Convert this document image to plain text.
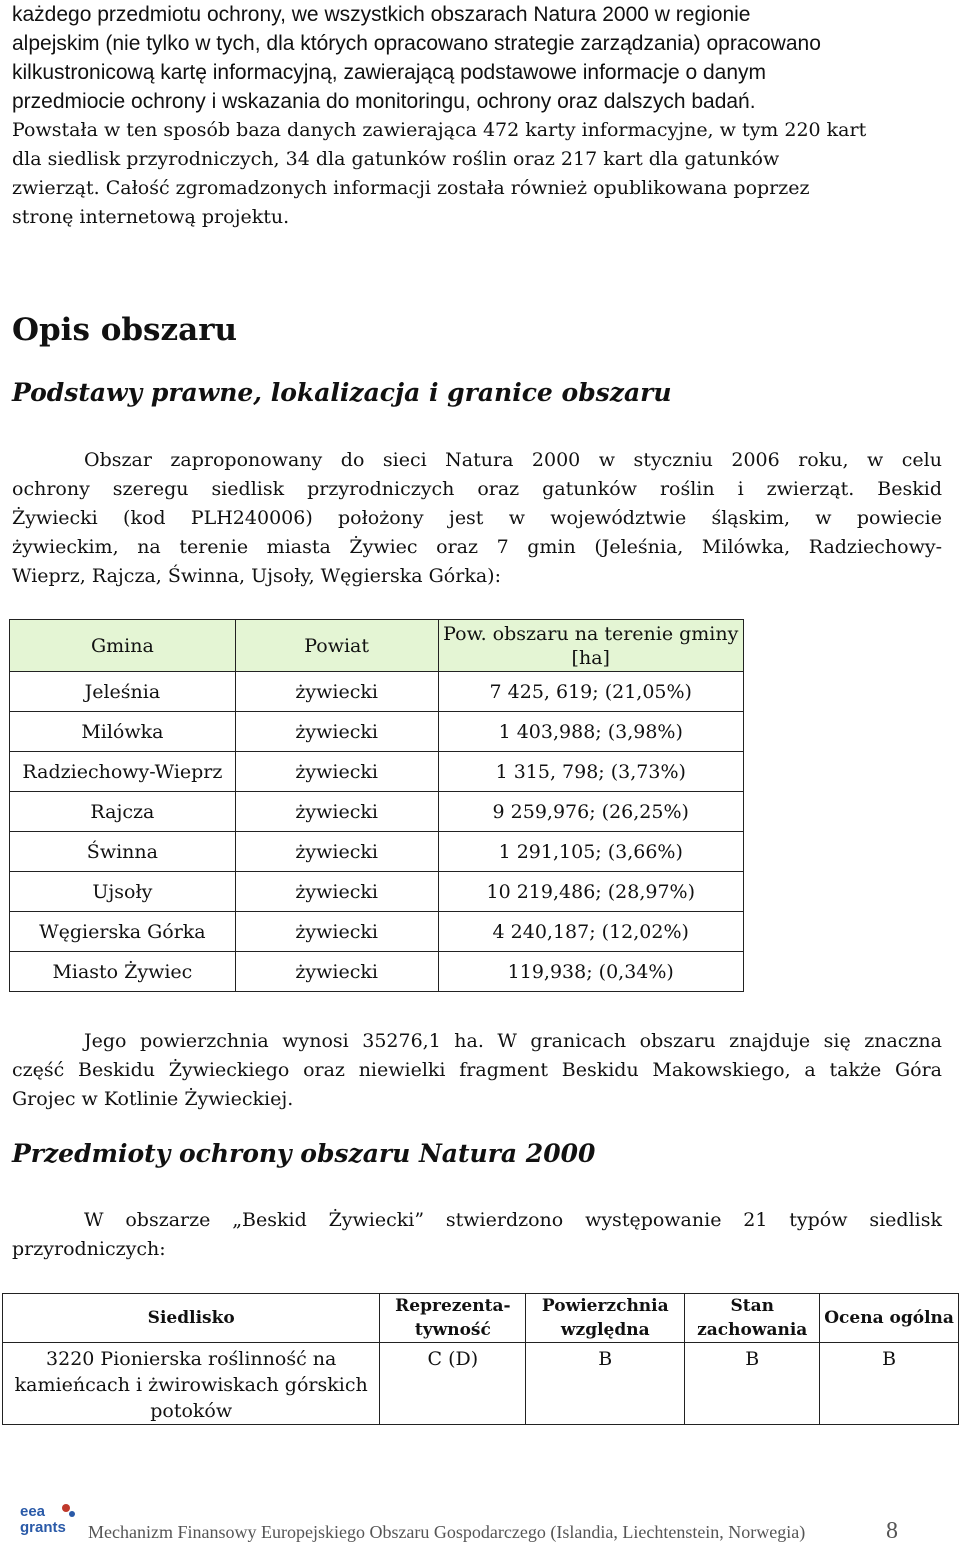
każdego przedmiotu ochrony, we wszystkich obszarach Natura 2000 w regionie
alpejskim (nie tylko w tych, dla których opracowano strategie zarządzania) opracowano
kilkustronicową kartę informacyjną, zawierającą podstawowe informacje o danym
przedmiocie ochrony i wskazania do monitoringu, ochrony oraz dalszych badań.
Powstała w ten sposób baza danych zawierająca 472 karty informacyjne, w tym 220 kart
dla siedlisk przyrodniczych, 34 dla gatunków roślin oraz 217 kart dla gatunków
zwierząt. Całość zgromadzonych informacji została również opublikowana poprzez
stronę internetową projektu.
Opis obszaru
Podstawy prawne, lokalizacja i granice obszaru
Obszar zaproponowany do sieci Natura 2000 w styczniu 2006 roku, w celu
ochrony szeregu siedlisk przyrodniczych oraz gatunków roślin i zwierząt. Beskid
Żywiecki (kod PLH240006) położony jest w województwie śląskim, w powiecie
żywieckim, na terenie miasta Żywiec oraz 7 gmin (Jeleśnia, Milówka, Radziechowy-
Wieprz, Rajcza, Świnna, Ujsoły, Węgierska Górka):
Gmina	Powiat	Pow. obszaru na terenie gminy [ha]
Jeleśnia	żywiecki	7 425, 619; (21,05%)
Milówka	żywiecki	1 403,988; (3,98%)
Radziechowy-Wieprz	żywiecki	1 315, 798; (3,73%)
Rajcza	żywiecki	9 259,976; (26,25%)
Świnna	żywiecki	1 291,105; (3,66%)
Ujsoły	żywiecki	10 219,486; (28,97%)
Węgierska Górka	żywiecki	4 240,187; (12,02%)
Miasto Żywiec	żywiecki	119,938; (0,34%)
Jego powierzchnia wynosi 35276,1 ha. W granicach obszaru znajduje się znaczna
część Beskidu Żywieckiego oraz niewielki fragment Beskidu Makowskiego, a także Góra
Grojec w Kotlinie Żywieckiej.
Przedmioty ochrony obszaru Natura 2000
W obszarze „Beskid Żywiecki” stwierdzono występowanie 21 typów siedlisk
przyrodniczych:
Siedlisko	Reprezenta-tywność	Powierzchnia względna	Stan zachowania	Ocena ogólna
3220 Pionierska roślinność na kamieńcach i żwirowiskach górskich potoków	C (D)	B	B	B
eea
grants Mechanizm Finansowy Europejskiego Obszaru Gospodarczego (Islandia, Liechtenstein, Norwegia)	8
